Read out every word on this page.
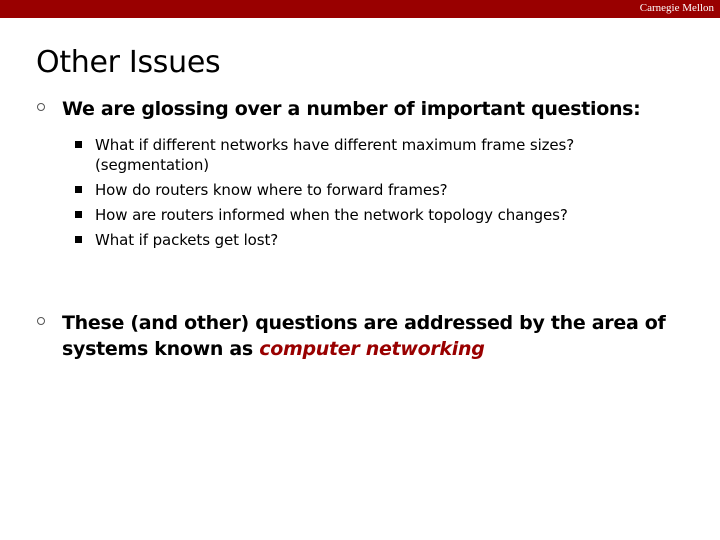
Carnegie Mellon
Other Issues
We are glossing over a number of important questions:
What if different networks have different maximum frame sizes? (segmentation)
How do routers know where to forward frames?
How are routers informed when the network topology changes?
What if packets get lost?
These (and other) questions are addressed by the area of systems known as computer networking
